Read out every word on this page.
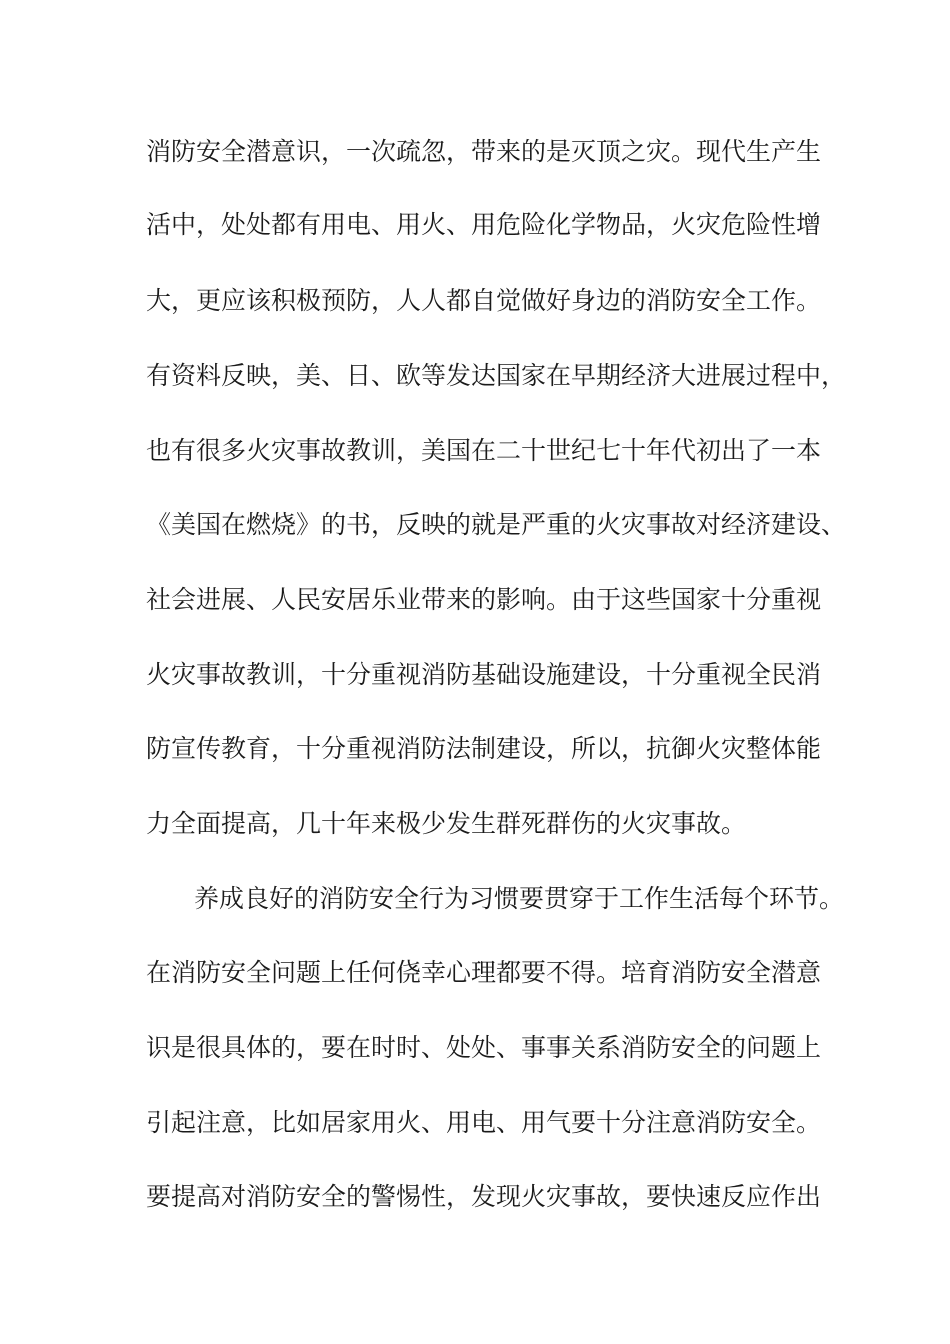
消防安全潜意识，一次疏忽，带来的是灭顶之灾。现代生产生
活中，处处都有用电、用火、用危险化学物品，火灾危险性增
大，更应该积极预防，人人都自觉做好身边的消防安全工作。
有资料反映，美、日、欧等发达国家在早期经济大进展过程中，
也有很多火灾事故教训，美国在二十世纪七十年代初出了一本
《美国在燃烧》的书，反映的就是严重的火灾事故对经济建设、
社会进展、人民安居乐业带来的影响。由于这些国家十分重视
火灾事故教训，十分重视消防基础设施建设，十分重视全民消
防宣传教育，十分重视消防法制建设，所以，抗御火灾整体能
力全面提高，几十年来极少发生群死群伤的火灾事故。
养成良好的消防安全行为习惯要贯穿于工作生活每个环节。
在消防安全问题上任何侥幸心理都要不得。培育消防安全潜意
识是很具体的，要在时时、处处、事事关系消防安全的问题上
引起注意，比如居家用火、用电、用气要十分注意消防安全。
要提高对消防安全的警惕性，发现火灾事故，要快速反应作出
